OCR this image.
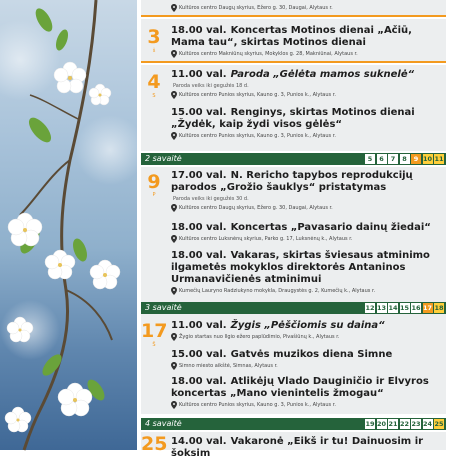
Kultūros centro Daugų skyrius, Ežero g. 30, Daugai, Alytaus r.
3
š
18.00 val. Koncertas Motinos dienai „Ačiū, Mama tau“, skirtas Motinos dienai
Kultūros centro Makniūnų skyrius, Mokyklos g. 28, Makniūnai, Alytaus r.
4
S
11.00 val. Paroda „Gėlėta mamos suknelė“
Paroda veiks iki gegužės 18 d.
Kultūros centro Punios skyrius, Kauno g. 3, Punios k., Alytaus r.
15.00 val. Renginys, skirtas Motinos dienai „Žydėk, kaip žydi visos gėlės“
Kultūros centro Punios skyrius, Kauno g. 3, Punios k., Alytaus r.
2 savaitė	5	6	7	8	9 10 11
9
P
17.00 val. N. Rericho tapybos reprodukcijų parodos „Grožio šauklys“ pristatymas
Paroda veiks iki gegužės 30 d.
Kultūros centro Daugų skyrius, Ežero g. 30, Daugai, Alytaus r.
18.00 val. Koncertas „Pavasario dainų žiedai“
Kultūros centro Luksnėnų skyrius, Parko g. 17, Luksnėnų k., Alytaus r.
18.00 val. Vakaras, skirtas šviesaus atminimo ilgametės mokyklos direktorės Antaninos Urmanavičienės atminimui
Kumečių Lauryno Radziukyno mokykla, Draugystės g. 2, Kumečių k., Alytaus r.
3 savaitė	12 13 14 15 16 17 18
17
Š
11.00 val. Žygis „Pėščiomis su daina“
Žygio startas nuo Ilgio ežero paplūdimio, Pivašiūnų k., Alytaus r.
15.00 val. Gatvės muzikos diena Simne
Simno miesto aikštė, Simnas, Alytaus r.
18.00 val. Atlikėjų Vlado Dauginičio ir Elvyros koncertas „Mano vienintelis žmogau“
Kultūros centro Punios skyrius, Kauno g. 3, Punios k., Alytaus r.
4 savaitė	19 20 21 22 23 24 25
25 14.00 val. Vakaronė „Eikš ir tu! Dainuosim ir šoksim
